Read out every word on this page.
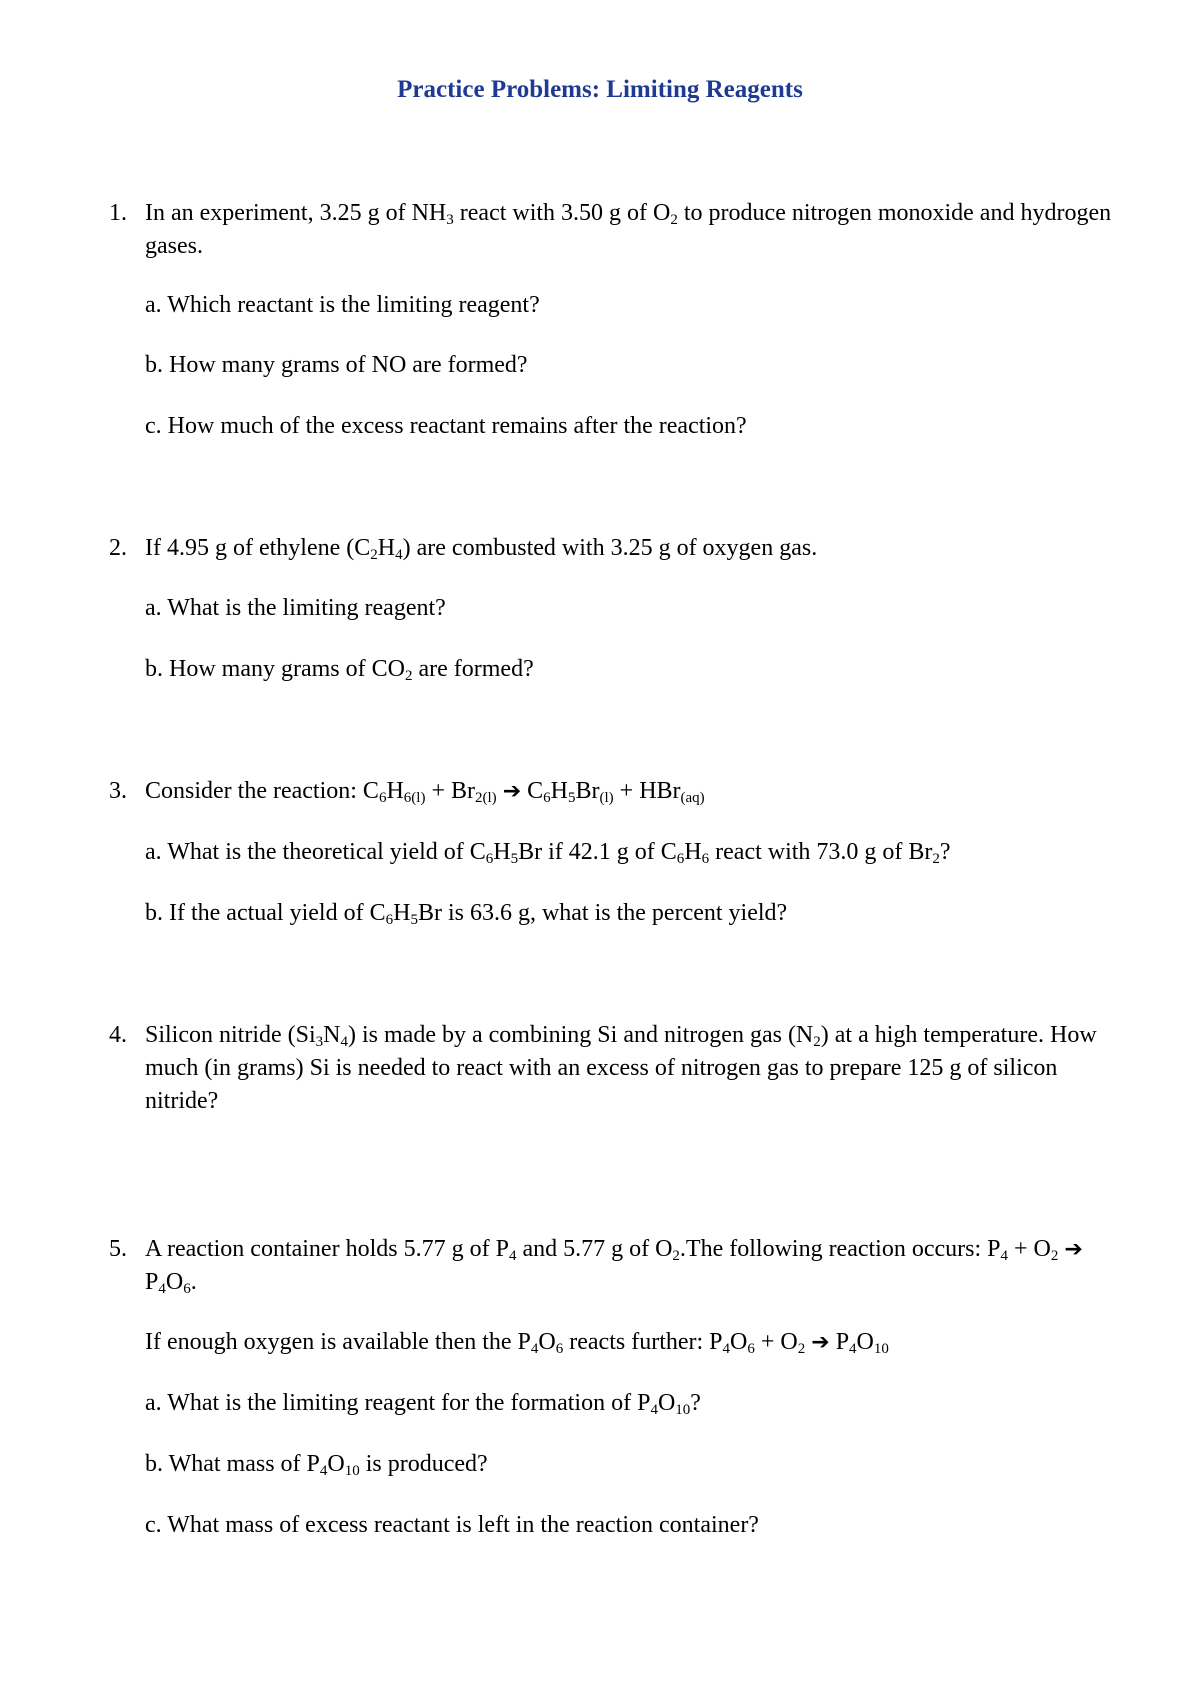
Practice Problems: Limiting Reagents
1. In an experiment, 3.25 g of $NH_3$ react with 3.50 g of $O_2$ to produce nitrogen monoxide and hydrogen gases.
a. Which reactant is the limiting reagent?
b. How many grams of NO are formed?
c. How much of the excess reactant remains after the reaction?
2. If 4.95 g of ethylene $(C_2H_4)$ are combusted with 3.25 g of oxygen gas.
a. What is the limiting reagent?
b. How many grams of $CO_2$ are formed?
3. Consider the reaction: $C_6H_{6(l)} + Br_{2(l)}$ ➔ $C_6H_5Br_{(l)} + HBr_{(aq)}$
a. What is the theoretical yield of $C_6H_5Br$ if 42.1 g of $C_6H_6$ react with 73.0 g of $Br_2$?
b. If the actual yield of $C_6H_5Br$ is 63.6 g, what is the percent yield?
4. Silicon nitride $(Si_3N_4)$ is made by a combining Si and nitrogen gas $(N_2)$ at a high temperature. How much (in grams) Si is needed to react with an excess of nitrogen gas to prepare 125 g of silicon nitride?
5. A reaction container holds 5.77 g of $P_4$ and 5.77 g of $O_2.The$ following reaction occurs: $P_4 + O_2$ ➔ $P_4O_6$.
If enough oxygen is available then the $P_4O_6$ reacts further: $P_4O_6 + O_2$ ➔ $P_4O_{10}$
a. What is the limiting reagent for the formation of $P_4O_{10}$?
b. What mass of $P_4O_{10}$ is produced?
c. What mass of excess reactant is left in the reaction container?
